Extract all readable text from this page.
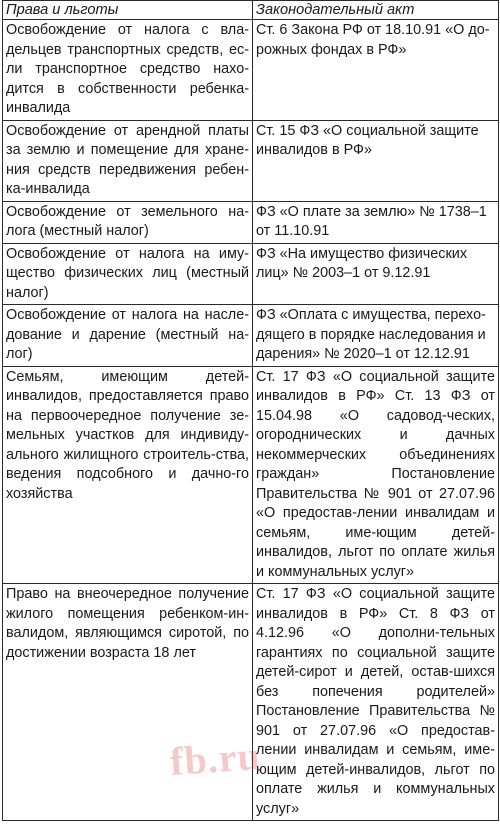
Права и льготы	Законодательный акт
Освобождение от налога с вла-дельцев транспортных средств, ес-ли транспортное средство нахо-дится в собственности ребенка-инвалида	Ст. 6 Закона РФ от 18.10.91 «О до-рожных фондах в РФ»
Освобождение от арендной платы за землю и помещение для хране-ния средств передвижения ребен-ка-инвалида	Ст. 15 ФЗ «О социальной защите инвалидов в РФ»
Освобождение от земельного на-лога (местный налог)	ФЗ «О плате за землю» № 1738–1 от 11.10.91
Освобождение от налога на иму-щество физических лиц (местный налог)	ФЗ «На имущество физических лиц» № 2003–1 от 9.12.91
Освобождение от налога на наcле-дование и дарение (местный на-лог)	ФЗ «Оплата с имущества, перехо-дящего в порядке наследования и дарения» № 2020–1 от 12.12.91
Семьям, имеющим детей-инвалидов, предоставляется право на первоочередное получение зе-мельных участков для индивиду-ального жилищного строитель-ства, ведения подсобного и дачно-го хозяйства	Ст. 17 ФЗ «О социальной защите инвалидов в РФ» Ст. 13 ФЗ от 15.04.98 «О садовод-ческих, огороднических и дачных некоммерческих объединениях граждан» Постановление Правительства № 901 от 27.07.96 «О предостав-лении инвалидам и семьям, име-ющим детей-инвалидов, льгот по оплате жилья и коммунальных услуг»
Право на внеочередное получение жилого помещения ребенком-ин-валидом, являющимся сиротой, по достижении возраста 18 лет	Ст. 17 ФЗ «О социальной защите инвалидов в РФ» Ст. 8 ФЗ от 4.12.96 «О дополни-тельных гарантиях по социальной защите детей-сирот и детей, остав-шихся без попечения родителей» Постановление Правительства № 901 от 27.07.96 «О предостав-лении инвалидам и семьям, име-ющим детей-инвалидов, льгот по оплате жилья и коммунальных услуг»
fb.ru
